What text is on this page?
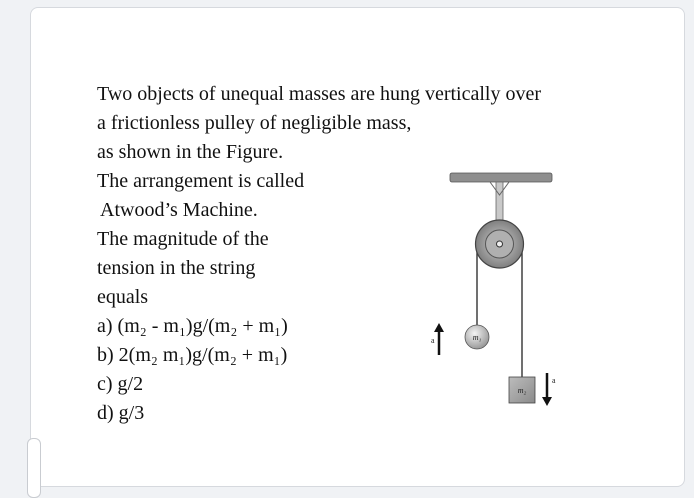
Two objects of unequal masses are hung vertically over
a frictionless pulley of negligible mass,
as shown in the Figure.
The arrangement is called
Atwood’s Machine.
The magnitude of the
tension in the string
equals
a) (m₂ - m₁)g/(m₂ + m₁)
b) 2(m₂ m₁)g/(m₂ + m₁)
c) g/2
d) g/3
m₁
m₂
a
a
